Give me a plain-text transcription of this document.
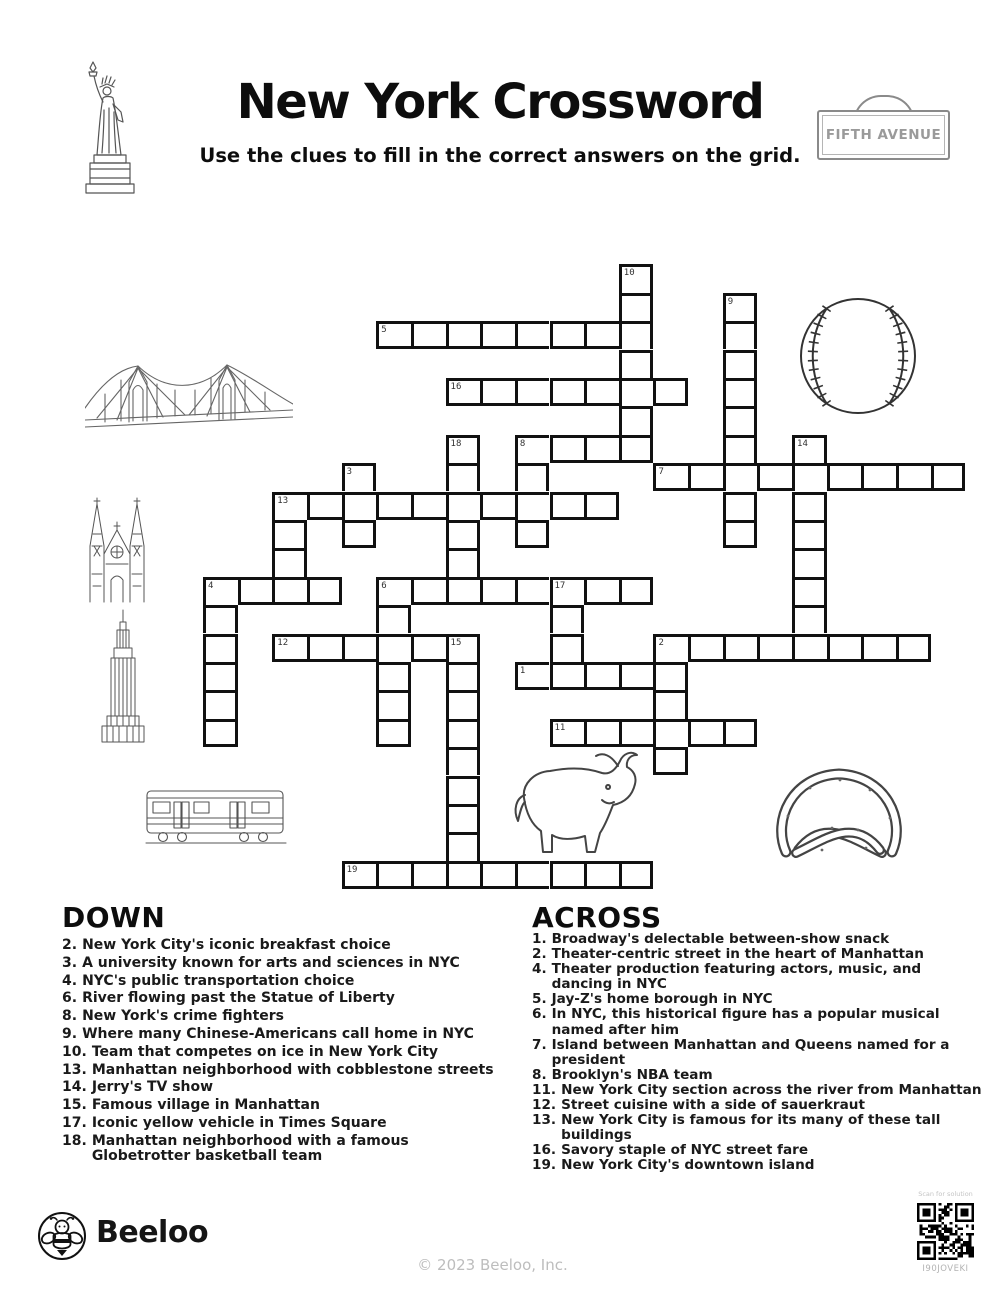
New York Crossword
Use the clues to fill in the correct answers on the grid.
FIFTH AVENUE
10
9
5
16
18	8	14
3	7
13
4	6	17
12	15	2
1
11
19
DOWN
2. New York City's iconic breakfast choice
3. A university known for arts and sciences in NYC
4. NYC's public transportation choice
6. River flowing past the Statue of Liberty
8. New York's crime fighters
9. Where many Chinese-Americans call home in NYC
10. Team that competes on ice in New York City
13. Manhattan neighborhood with cobblestone streets
14. Jerry's TV show
15. Famous village in Manhattan
17. Iconic yellow vehicle in Times Square
18. Manhattan neighborhood with a famous Globetrotter basketball team
ACROSS
1. Broadway's delectable between-show snack
2. Theater-centric street in the heart of Manhattan
4. Theater production featuring actors, music, and dancing in NYC
5. Jay-Z's home borough in NYC
6. In NYC, this historical figure has a popular musical named after him
7. Island between Manhattan and Queens named for a president
8. Brooklyn's NBA team
11. New York City section across the river from Manhattan
12. Street cuisine with a side of sauerkraut
13. New York City is famous for its many of these tall buildings
16. Savory staple of NYC street fare
19. New York City's downtown island
Beeloo
© 2023 Beeloo, Inc.
Scan for solution
I90JOVEKI
